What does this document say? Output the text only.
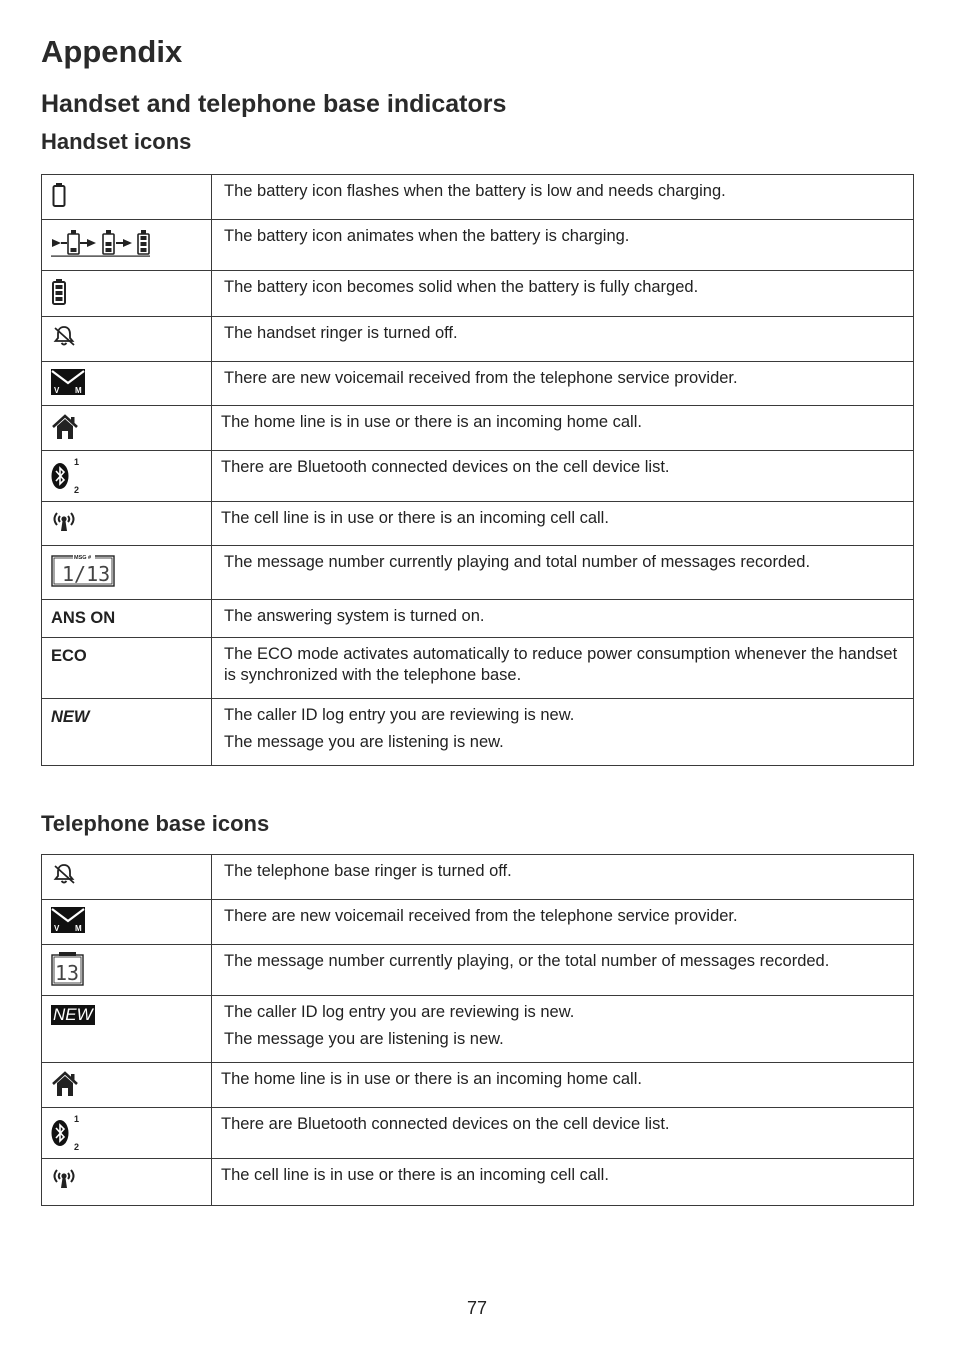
Appendix
Handset and telephone base indicators
Handset icons
	The battery icon flashes when the battery is low and needs charging.

	The battery icon animates when the battery is charging.

	The battery icon becomes solid when the battery is fully charged.

	The handset ringer is turned off.

V M	There are new voicemail received from the telephone service provider.

	The home line is in use or there is an incoming home call.

1
2	There are Bluetooth connected devices on the cell device list.

	The cell line is in use or there is an incoming cell call.

MSG #
1/13	The message number currently playing and total number of messages recorded.
ANS ON	The answering system is turned on.
ECO	The ECO mode activates automatically to reduce power consumption whenever the handset is synchronized with the telephone base.
NEW	The caller ID log entry you are reviewing is new.
The message you are listening is new.
Telephone base icons
	The telephone base ringer is turned off.

V M	There are new voicemail received from the telephone service provider.

13	The message number currently playing, or the total number of messages recorded.
NEW	The caller ID log entry you are reviewing is new.
The message you are listening is new.

	The home line is in use or there is an incoming home call.

1
2	There are Bluetooth connected devices on the cell device list.

	The cell line is in use or there is an incoming cell call.
77
